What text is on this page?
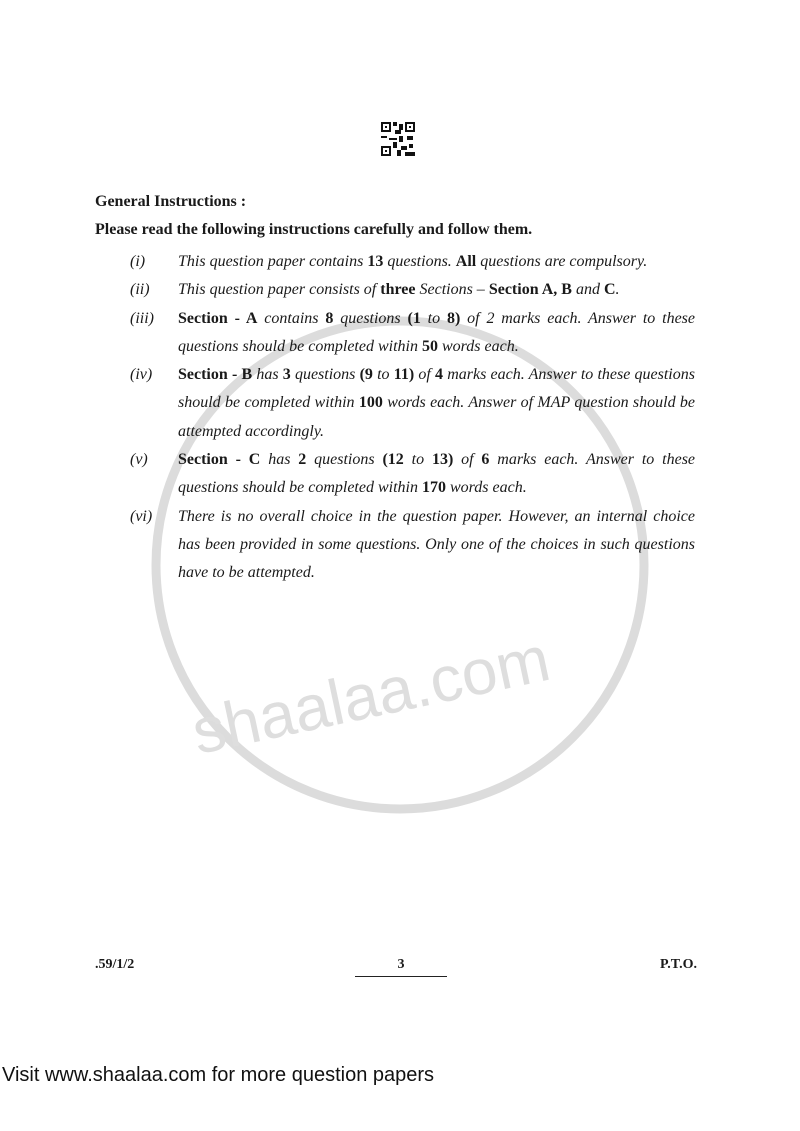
shaalaa.com
General Instructions :
Please read the following instructions carefully and follow them.
(i) This question paper contains 13 questions. All questions are compulsory.
(ii) This question paper consists of three Sections – Section A, B and C.
(iii) Section - A contains 8 questions (1 to 8) of 2 marks each. Answer to these questions should be completed within 50 words each.
(iv) Section - B has 3 questions (9 to 11) of 4 marks each. Answer to these questions should be completed within 100 words each. Answer of MAP question should be attempted accordingly.
(v) Section - C has 2 questions (12 to 13) of 6 marks each. Answer to these questions should be completed within 170 words each.
(vi) There is no overall choice in the question paper. However, an internal choice has been provided in some questions. Only one of the choices in such questions have to be attempted.
.59/1/2	3	P.T.O.
Visit www.shaalaa.com for more question papers
